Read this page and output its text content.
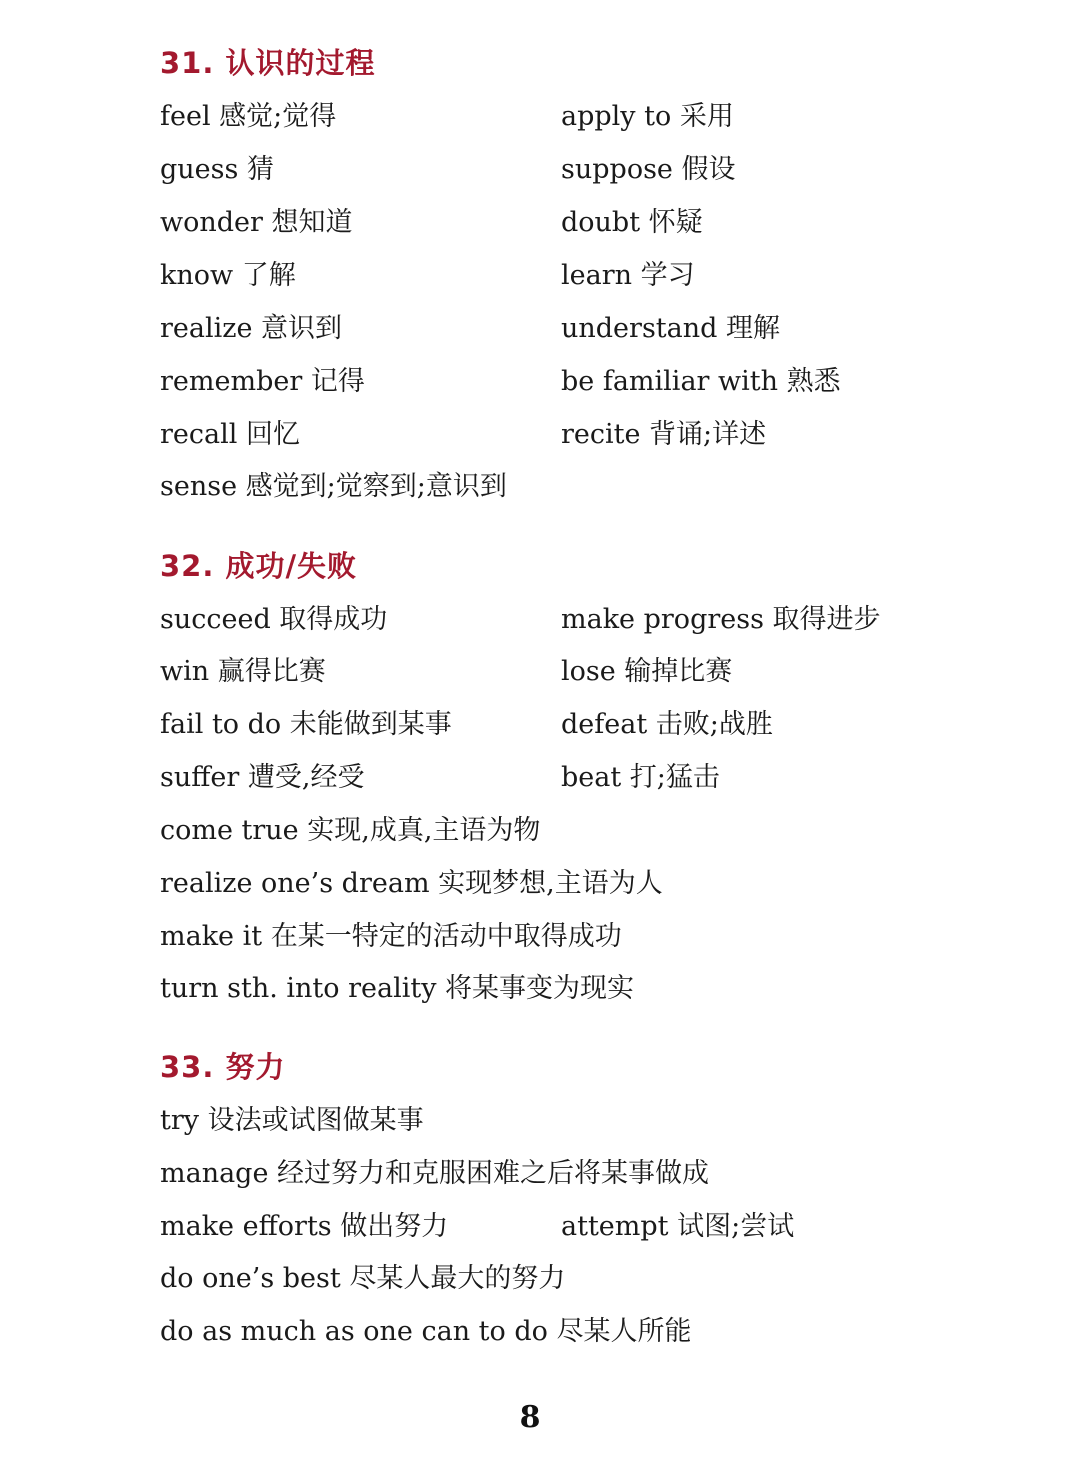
31. 认识的过程
feel 感觉;觉得	apply to 采用
guess 猜	suppose 假设
wonder 想知道	doubt 怀疑
know 了解	learn 学习
realize 意识到	understand 理解
remember 记得	be familiar with 熟悉
recall 回忆	recite 背诵;详述
sense 感觉到;觉察到;意识到
32. 成功/失败
succeed 取得成功	make progress 取得进步
win 赢得比赛	lose 输掉比赛
fail to do 未能做到某事	defeat 击败;战胜
suffer 遭受,经受	beat 打;猛击
come true 实现,成真,主语为物
realize one’s dream 实现梦想,主语为人
make it 在某一特定的活动中取得成功
turn sth. into reality 将某事变为现实
33. 努力
try 设法或试图做某事
manage 经过努力和克服困难之后将某事做成
make efforts 做出努力	attempt 试图;尝试
do one’s best 尽某人最大的努力
do as much as one can to do 尽某人所能
8
